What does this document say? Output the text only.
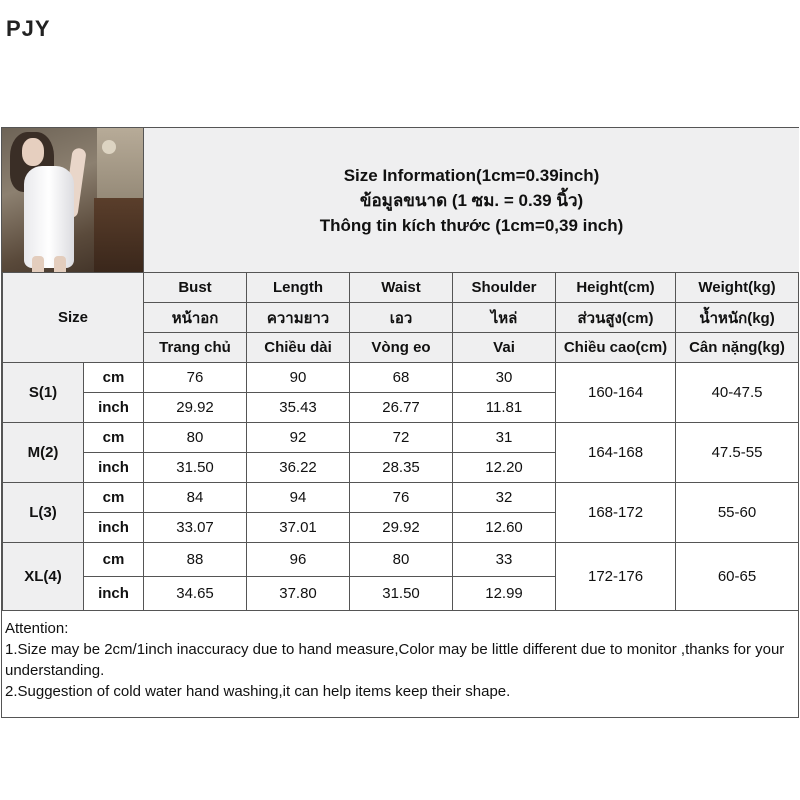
PJY
Size Information(1cm=0.39inch)
ข้อมูลขนาด (1 ซม. = 0.39 นิ้ว)
Thông tin kích thước (1cm=0,39 inch)
Size		Bust	Length	Waist	Shoulder	Height(cm)	Weight(kg)
		หน้าอก	ความยาว	เอว	ไหล่	ส่วนสูง(cm)	น้ำหนัก(kg)
		Trang chủ	Chiều dài	Vòng eo	Vai	Chiều cao(cm)	Cân nặng(kg)
S(1)	cm	76	90	68	30	160-164	40-47.5
	inch	29.92	35.43	26.77	11.81		
M(2)	cm	80	92	72	31	164-168	47.5-55
	inch	31.50	36.22	28.35	12.20		
L(3)	cm	84	94	76	32	168-172	55-60
	inch	33.07	37.01	29.92	12.60		
XL(4)	cm	88	96	80	33	172-176	60-65
	inch	34.65	37.80	31.50	12.99		
Attention:
1.Size may be 2cm/1inch inaccuracy due to hand measure,Color may be little different due to monitor ,thanks for your understanding.
2.Suggestion of cold water hand washing,it can help items keep their shape.
